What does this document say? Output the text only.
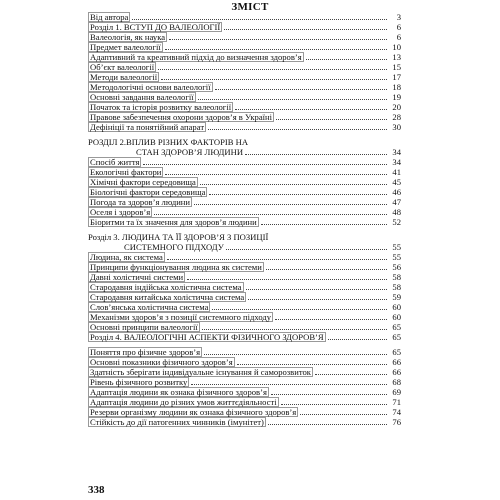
ЗМІСТ
Від автора	3
Розділ 1. ВСТУП ДО ВАЛЕОЛОГІЇ	6
Валеологія, як наука	6
Предмет валеології	10
Адаптивний та креативний підхід до визначення здоров’я	13
Об’єкт валеології	15
Методи валеології	17
Методологічні основи валеології	18
Основні завдання валеології	19
Початок та історія розвитку валеології	20
Правове забезпечення охорони здоров’я в Україні	28
Дефініції та понятійний апарат	30
РОЗДІЛ 2.ВПЛИВ РІЗНИХ ФАКТОРІВ НА
СТАН ЗДОРОВ’Я ЛЮДИНИ	34
Спосіб життя	34
Екологічні фактори	41
Хімічні фактори середовища	45
Біологічні фактори середовища	46
Погода та здоров’я людини	47
Оселя і здоров’я	48
Біоритми та їх значення для здоров’я людини	52
Розділ 3. ЛЮДИНА ТА ЇЇ ЗДОРОВ’Я З ПОЗИЦІЇ
СИСТЕМНОГО ПІДХОДУ	55
Людина, як система	55
Принципи функціонування людина як системи	56
Давні холістичні системи	58
Стародавня індійська холістична система	58
Стародавня китайська холістична система	59
Слов’янська холістична система	60
Механізми здоров’я з позиції системного підходу	60
Основні принципи валеології	65
Розділ 4. ВАЛЕОЛОГІЧНІ АСПЕКТИ ФІЗИЧНОГО ЗДОРОВ’Я	65
Поняття про фізичне здоров’я	65
Основні показники фізичного здоров’я	66
Здатність зберігати індивідуальне існування й саморозвиток	66
Рівень фізичного розвитку	68
Адаптація людини як ознака фізичного здоров’я	69
Адаптація людини до різних умов життєдіяльності	71
Резерви організму людини як ознака фізичного здоров’я	74
Стійкість до дії патогенних чинників (імунітет)	76
338
